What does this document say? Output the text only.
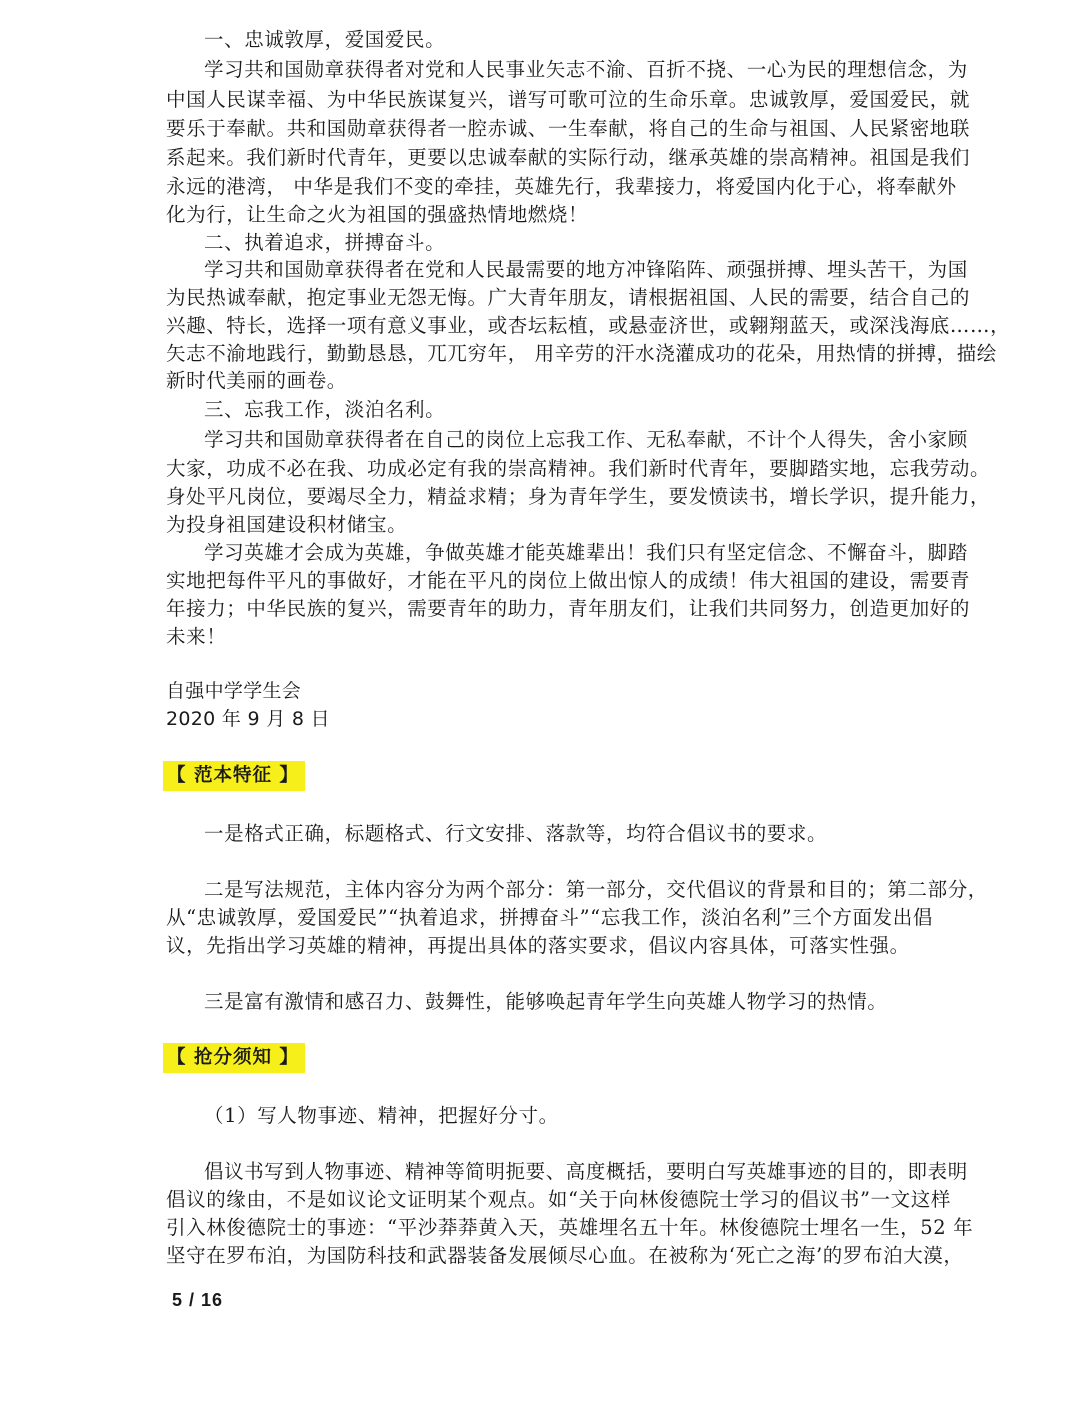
一、忠诚敦厚，爱国爱民。
学习共和国勋章获得者对党和人民事业矢志不渝、百折不挠、一心为民的理想信念，为
中国人民谋幸福、为中华民族谋复兴，谱写可歌可泣的生命乐章。忠诚敦厚，爱国爱民，就
要乐于奉献。共和国勋章获得者一腔赤诚、一生奉献，将自己的生命与祖国、人民紧密地联
系起来。我们新时代青年，更要以忠诚奉献的实际行动，继承英雄的崇高精神。祖国是我们
永远的港湾， 中华是我们不变的牵挂，英雄先行，我辈接力，将爱国内化于心，将奉献外
化为行，让生命之火为祖国的强盛热情地燃烧！
二、执着追求，拼搏奋斗。
学习共和国勋章获得者在党和人民最需要的地方冲锋陷阵、顽强拼搏、埋头苦干，为国
为民热诚奉献，抱定事业无怨无悔。广大青年朋友，请根据祖国、人民的需要，结合自己的
兴趣、特长，选择一项有意义事业，或杏坛耘植，或悬壶济世，或翱翔蓝天，或深浅海底……，
矢志不渝地践行，勤勤恳恳，兀兀穷年， 用辛劳的汗水浇灌成功的花朵，用热情的拼搏，描绘
新时代美丽的画卷。
三、忘我工作，淡泊名利。
学习共和国勋章获得者在自己的岗位上忘我工作、无私奉献，不计个人得失，舍小家顾
大家，功成不必在我、功成必定有我的崇高精神。我们新时代青年，要脚踏实地，忘我劳动。
身处平凡岗位，要竭尽全力，精益求精；身为青年学生，要发愤读书，增长学识，提升能力，
为投身祖国建设积材储宝。
学习英雄才会成为英雄，争做英雄才能英雄辈出！我们只有坚定信念、不懈奋斗，脚踏
实地把每件平凡的事做好，才能在平凡的岗位上做出惊人的成绩！伟大祖国的建设，需要青
年接力；中华民族的复兴，需要青年的助力，青年朋友们，让我们共同努力，创造更加好的
未来！
自强中学学生会
2020 年 9 月 8 日
【 范本特征 】
一是格式正确，标题格式、行文安排、落款等，均符合倡议书的要求。
二是写法规范，主体内容分为两个部分：第一部分，交代倡议的背景和目的；第二部分，
从“忠诚敦厚，爱国爱民”“执着追求，拼搏奋斗”“忘我工作，淡泊名利”三个方面发出倡
议，先指出学习英雄的精神，再提出具体的落实要求，倡议内容具体，可落实性强。
三是富有激情和感召力、鼓舞性，能够唤起青年学生向英雄人物学习的热情。
【 抢分须知 】
（1）写人物事迹、精神，把握好分寸。
倡议书写到人物事迹、精神等简明扼要、高度概括，要明白写英雄事迹的目的，即表明
倡议的缘由，不是如议论文证明某个观点。如“关于向林俊德院士学习的倡议书”一文这样
引入林俊德院士的事迹：“平沙莽莽黄入天，英雄埋名五十年。林俊德院士埋名一生，52 年
坚守在罗布泊，为国防科技和武器装备发展倾尽心血。在被称为‘死亡之海’的罗布泊大漠，
5 / 16
